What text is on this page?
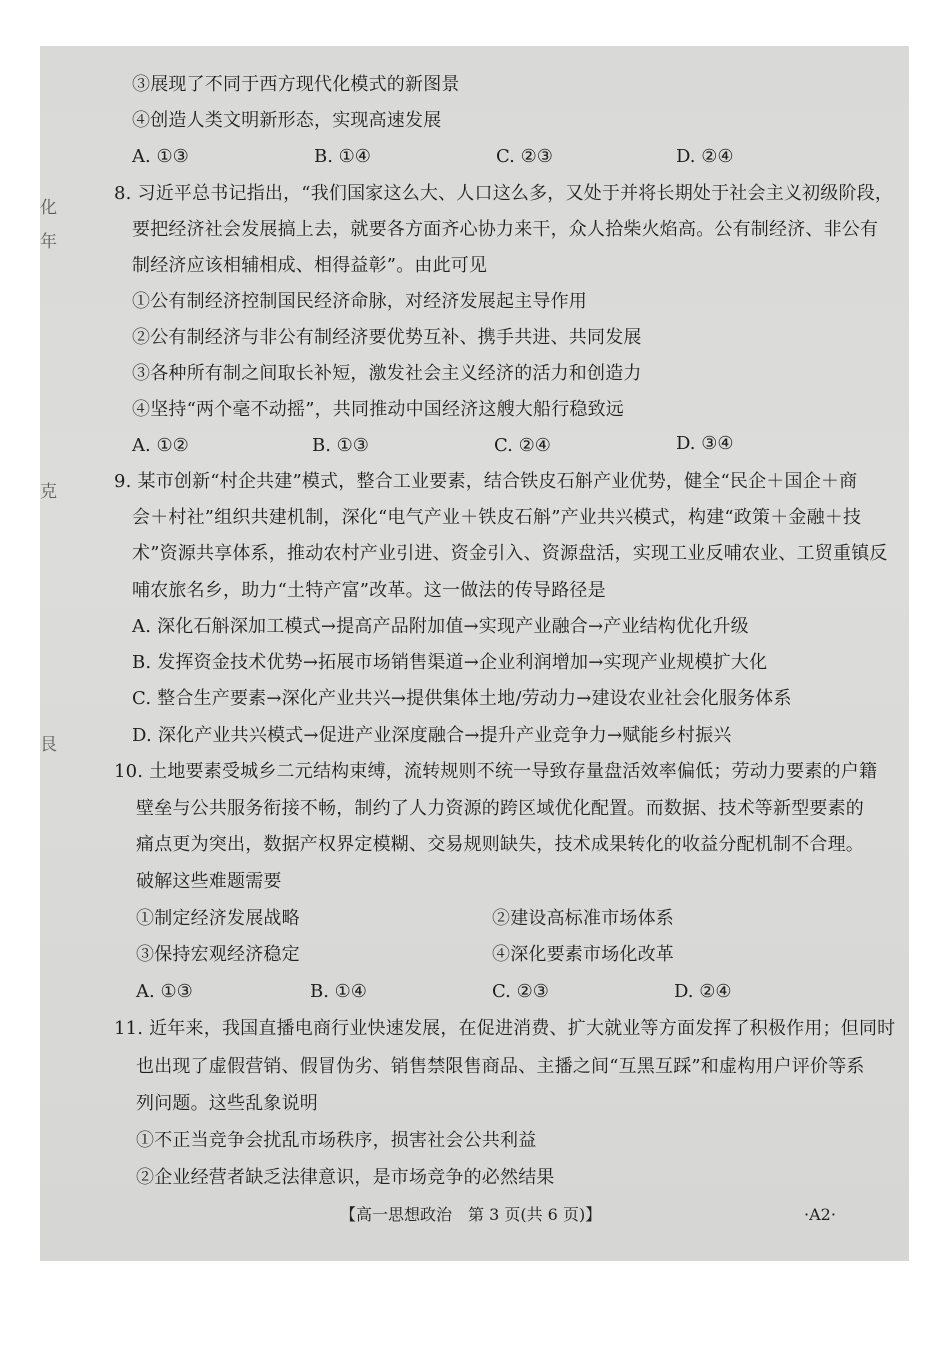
化
年
克
艮
③展现了不同于西方现代化模式的新图景
④创造人类文明新形态，实现高速发展
A. ①③	B. ①④	C. ②③	D. ②④
8. 习近平总书记指出，“我们国家这么大、人口这么多，又处于并将长期处于社会主义初级阶段，
要把经济社会发展搞上去，就要各方面齐心协力来干，众人拾柴火焰高。公有制经济、非公有
制经济应该相辅相成、相得益彰”。由此可见
①公有制经济控制国民经济命脉，对经济发展起主导作用
②公有制经济与非公有制经济要优势互补、携手共进、共同发展
③各种所有制之间取长补短，激发社会主义经济的活力和创造力
④坚持“两个毫不动摇”，共同推动中国经济这艘大船行稳致远
A. ①②	B. ①③	C. ②④	D. ③④
9. 某市创新“村企共建”模式，整合工业要素，结合铁皮石斛产业优势，健全“民企＋国企＋商
会＋村社”组织共建机制，深化“电气产业＋铁皮石斛”产业共兴模式，构建“政策＋金融＋技
术”资源共享体系，推动农村产业引进、资金引入、资源盘活，实现工业反哺农业、工贸重镇反
哺农旅名乡，助力“土特产富”改革。这一做法的传导路径是
A. 深化石斛深加工模式→提高产品附加值→实现产业融合→产业结构优化升级
B. 发挥资金技术优势→拓展市场销售渠道→企业利润增加→实现产业规模扩大化
C. 整合生产要素→深化产业共兴→提供集体土地/劳动力→建设农业社会化服务体系
D. 深化产业共兴模式→促进产业深度融合→提升产业竞争力→赋能乡村振兴
10. 土地要素受城乡二元结构束缚，流转规则不统一导致存量盘活效率偏低；劳动力要素的户籍
壁垒与公共服务衔接不畅，制约了人力资源的跨区域优化配置。而数据、技术等新型要素的
痛点更为突出，数据产权界定模糊、交易规则缺失，技术成果转化的收益分配机制不合理。
破解这些难题需要
①制定经济发展战略	②建设高标准市场体系
③保持宏观经济稳定	④深化要素市场化改革
A. ①③	B. ①④	C. ②③	D. ②④
11. 近年来，我国直播电商行业快速发展，在促进消费、扩大就业等方面发挥了积极作用；但同时
也出现了虚假营销、假冒伪劣、销售禁限售商品、主播之间“互黑互踩”和虚构用户评价等系
列问题。这些乱象说明
①不正当竞争会扰乱市场秩序，损害社会公共利益
②企业经营者缺乏法律意识，是市场竞争的必然结果
【高一思想政治　第 3 页(共 6 页)】	·A2·
